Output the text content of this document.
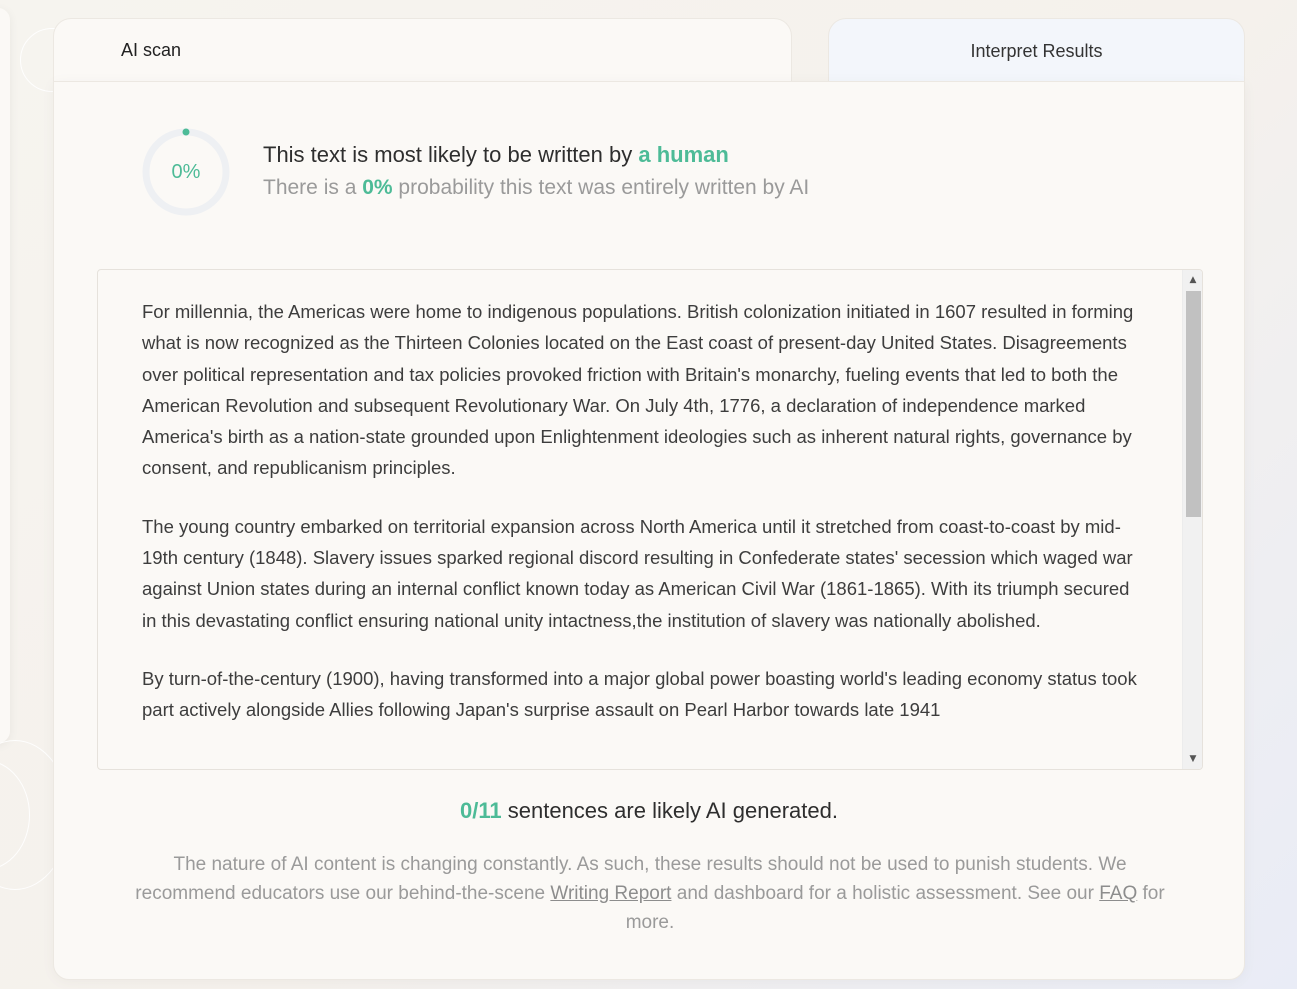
AI scan	Interpret Results
0%
This text is most likely to be written by a human
There is a 0% probability this text was entirely written by AI

For millennia, the Americas were home to indigenous populations. British colonization initiated in 1607 resulted in forming what is now recognized as the Thirteen Colonies located on the East coast of present-day United States. Disagreements over political representation and tax policies provoked friction with Britain's monarchy, fueling events that led to both the American Revolution and subsequent Revolutionary War. On July 4th, 1776, a declaration of independence marked America's birth as a nation-state grounded upon Enlightenment ideologies such as inherent natural rights, governance by consent, and republicanism principles.

The young country embarked on territorial expansion across North America until it stretched from coast-to-coast by mid-19th century (1848). Slavery issues sparked regional discord resulting in Confederate states' secession which waged war against Union states during an internal conflict known today as American Civil War (1861-1865). With its triumph secured in this devastating conflict ensuring national unity intactness,the institution of slavery was nationally abolished.

By turn-of-the-century (1900), having transformed into a major global power boasting world's leading economy status took part actively alongside Allies following Japan's surprise assault on Pearl Harbor towards late 1941

▲
▼
0/11 sentences are likely AI generated.
The nature of AI content is changing constantly. As such, these results should not be used to punish students. We recommend educators use our behind-the-scene Writing Report and dashboard for a holistic assessment. See our FAQ for more.
